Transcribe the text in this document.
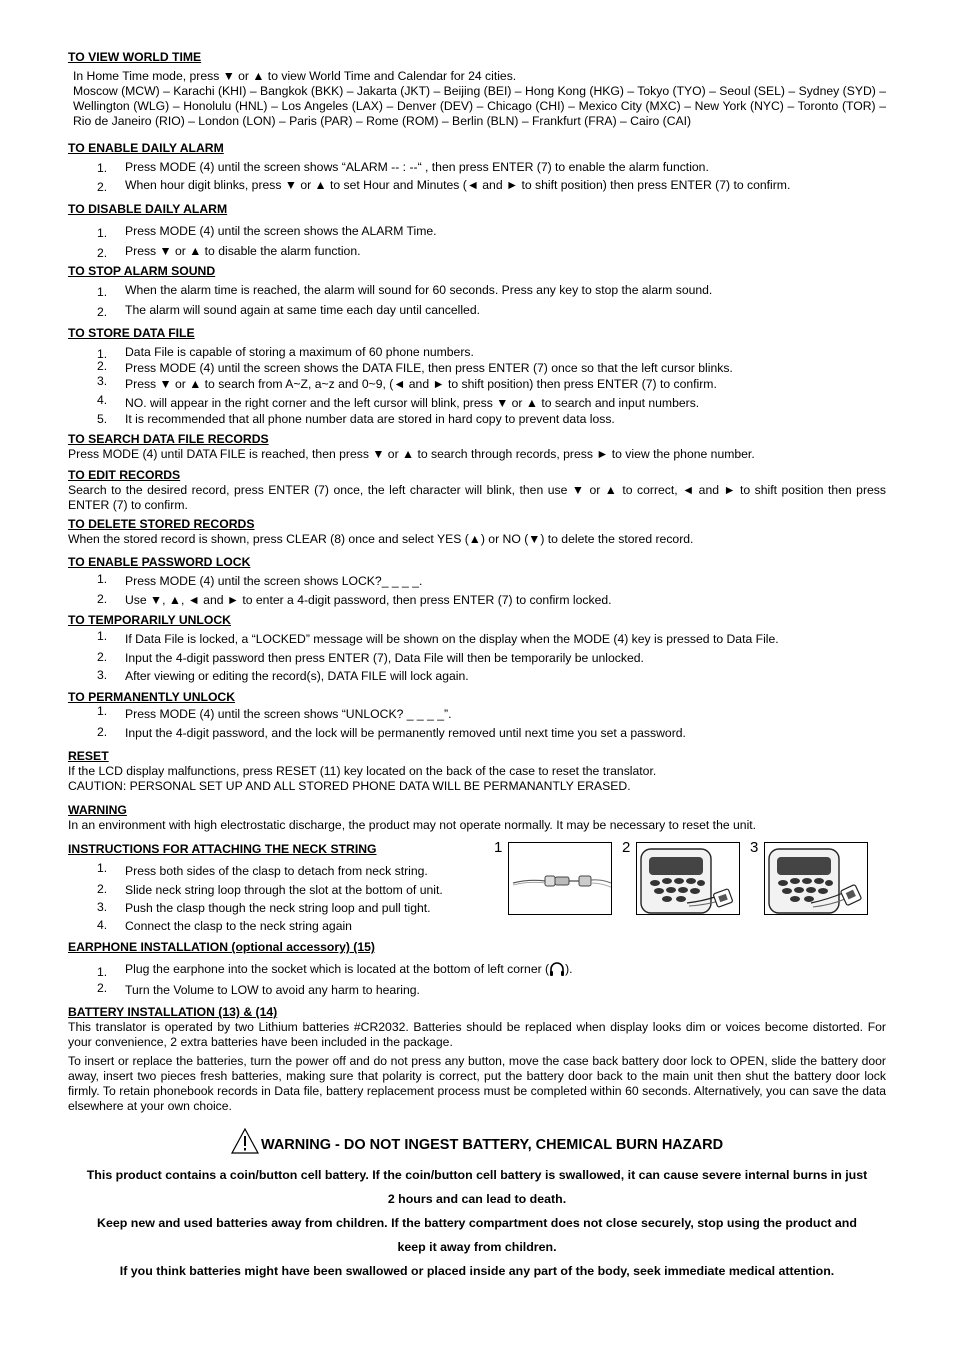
TO VIEW WORLD TIME

In Home Time mode, press ▼ or ▲ to view World Time and Calendar for 24 cities.

Moscow (MCW) – Karachi (KHI) – Bangkok (BKK) – Jakarta (JKT) – Beijing (BEI) – Hong Kong (HKG) – Tokyo (TYO) – Seoul (SEL) – Sydney (SYD) – Wellington (WLG) – Honolulu (HNL) – Los Angeles (LAX) – Denver (DEV) – Chicago (CHI) – Mexico City (MXC) – New York (NYC) – Toronto (TOR) – Rio de Janeiro (RIO) – London (LON) – Paris (PAR) – Rome (ROM) – Berlin (BLN) – Frankfurt (FRA) – Cairo (CAI)

TO ENABLE DAILY ALARM

1. Press MODE (4) until the screen shows “ALARM -- : --“ , then press ENTER (7) to enable the alarm function.
2. When hour digit blinks, press ▼ or ▲ to set Hour and Minutes (◄ and ► to shift position) then press ENTER (7) to confirm.

TO DISABLE DAILY ALARM

1. Press MODE (4) until the screen shows the ALARM Time.
2. Press ▼ or ▲ to disable the alarm function.

TO STOP ALARM SOUND

1. When the alarm time is reached, the alarm will sound for 60 seconds. Press any key to stop the alarm sound.
2. The alarm will sound again at same time each day until cancelled.

TO STORE DATA FILE

1. Data File is capable of storing a maximum of 60 phone numbers.
2. Press MODE (4) until the screen shows the DATA FILE, then press ENTER (7) once so that the left cursor blinks.
3. Press ▼ or ▲ to search from A~Z, a~z and 0~9, (◄ and ► to shift position) then press ENTER (7) to confirm.
4. NO. will appear in the right corner and the left cursor will blink, press ▼ or ▲ to search and input numbers.
5. It is recommended that all phone number data are stored in hard copy to prevent data loss.

TO SEARCH DATA FILE RECORDS

Press MODE (4) until DATA FILE is reached, then press ▼ or ▲ to search through records, press ► to view the phone number.

TO EDIT RECORDS

Search to the desired record, press ENTER (7) once, the left character will blink, then use ▼ or ▲ to correct, ◄ and ► to shift position then press ENTER (7) to confirm.

TO DELETE STORED RECORDS

When the stored record is shown, press CLEAR (8) once and select YES (▲) or NO (▼) to delete the stored record.

TO ENABLE PASSWORD LOCK

1. Press MODE (4) until the screen shows LOCK?_ _ _ _.
2. Use ▼, ▲, ◄ and ► to enter a 4-digit password, then press ENTER (7) to confirm locked.

TO TEMPORARILY UNLOCK

1. If Data File is locked, a “LOCKED” message will be shown on the display when the MODE (4) key is pressed to Data File.
2. Input the 4-digit password then press ENTER (7), Data File will then be temporarily be unlocked.
3. After viewing or editing the record(s), DATA FILE will lock again.

TO PERMANENTLY UNLOCK

1. Press MODE (4) until the screen shows “UNLOCK? _ _ _ _”.
2. Input the 4-digit password, and the lock will be permanently removed until next time you set a password.

RESET

If the LCD display malfunctions, press RESET (11) key located on the back of the case to reset the translator.

CAUTION: PERSONAL SET UP AND ALL STORED PHONE DATA WILL BE PERMANANTLY ERASED.

WARNING

In an environment with high electrostatic discharge, the product may not operate normally. It may be necessary to reset the unit.

INSTRUCTIONS FOR ATTACHING THE NECK STRING

1. Press both sides of the clasp to detach from neck string.
2. Slide neck string loop through the slot at the bottom of unit.
3. Push the clasp though the neck string loop and pull tight.
4. Connect the clasp to the neck string again
1	2	3

EARPHONE INSTALLATION (optional accessory) (15)

1. Plug the earphone into the socket which is located at the bottom of left corner ( ).
2. Turn the Volume to LOW to avoid any harm to hearing.

BATTERY INSTALLATION (13) & (14)

This translator is operated by two Lithium batteries #CR2032. Batteries should be replaced when display looks dim or voices become distorted. For your convenience, 2 extra batteries have been included in the package.

To insert or replace the batteries, turn the power off and do not press any button, move the case back battery door lock to OPEN, slide the battery door away, insert two pieces fresh batteries, making sure that polarity is correct, put the battery door back to the main unit then shut the battery door lock firmly. To retain phonebook records in Data file, battery replacement process must be completed within 60 seconds. Alternatively, you can save the data elsewhere at your own choice.

WARNING - DO NOT INGEST BATTERY, CHEMICAL BURN HAZARD
This product contains a coin/button cell battery. If the coin/button cell battery is swallowed, it can cause severe internal burns in just
2 hours and can lead to death.
Keep new and used batteries away from children. If the battery compartment does not close securely, stop using the product and
keep it away from children.
If you think batteries might have been swallowed or placed inside any part of the body, seek immediate medical attention.
